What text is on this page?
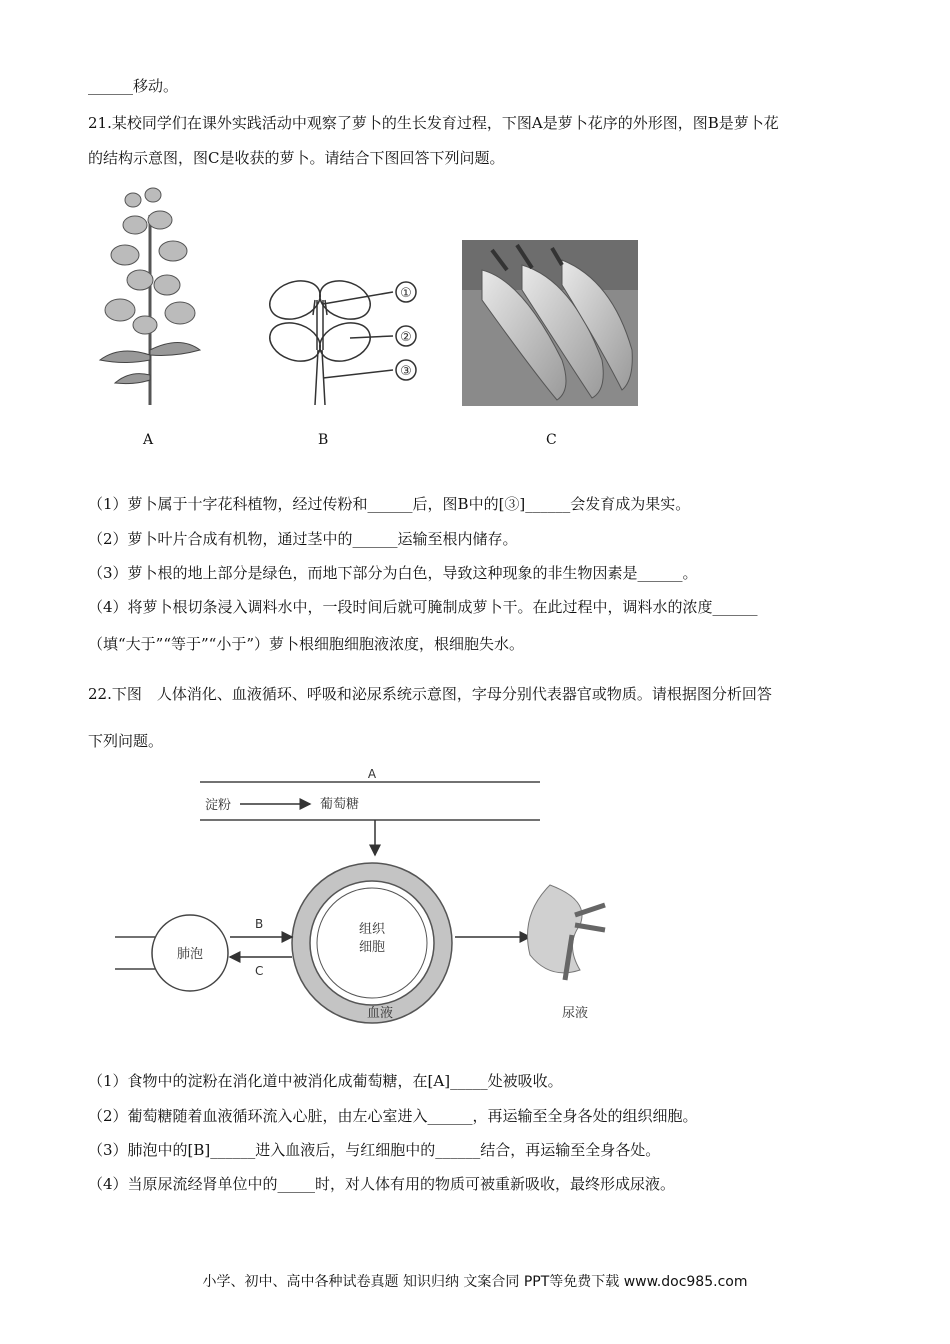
______移动。
21.某校同学们在课外实践活动中观察了萝卜的生长发育过程，下图A是萝卜花序的外形图，图B是萝卜花
的结构示意图，图C是收获的萝卜。请结合下图回答下列问题。
A
①
②
③
B	C
（1）萝卜属于十字花科植物，经过传粉和______后，图B中的[③]______会发育成为果实。
（2）萝卜叶片合成有机物，通过茎中的______运输至根内储存。
（3）萝卜根的地上部分是绿色，而地下部分为白色，导致这种现象的非生物因素是______。
（4）将萝卜根切条浸入调料水中，一段时间后就可腌制成萝卜干。在此过程中，调料水的浓度______
（填“大于”“等于”“小于”）萝卜根细胞细胞液浓度，根细胞失水。
22.下图　人体消化、血液循环、呼吸和泌尿系统示意图，字母分别代表器官或物质。请根据图分析回答
下列问题。
A
淀粉	葡萄糖
组织
细胞
血液
肺泡
B
C
尿液
（1）食物中的淀粉在消化道中被消化成葡萄糖，在[A]_____处被吸收。
（2）葡萄糖随着血液循环流入心脏，由左心室进入______，再运输至全身各处的组织细胞。
（3）肺泡中的[B]______进入血液后，与红细胞中的______结合，再运输至全身各处。
（4）当原尿流经肾单位中的_____时，对人体有用的物质可被重新吸收，最终形成尿液。
小学、初中、高中各种试卷真题 知识归纳 文案合同 PPT等免费下载 www.doc985.com
